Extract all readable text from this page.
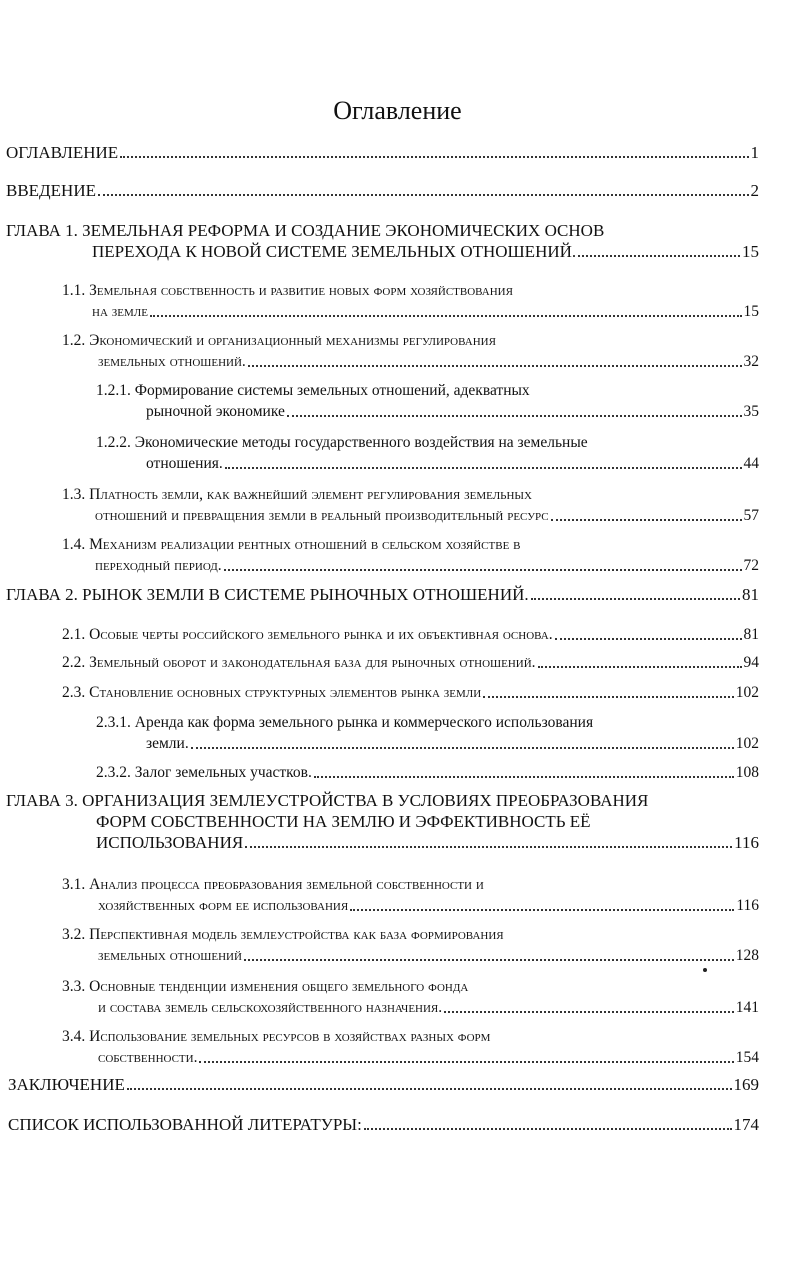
Оглавление
ОГЛАВЛЕНИЕ	1
ВВЕДЕНИЕ	2
ГЛАВА 1. ЗЕМЕЛЬНАЯ РЕФОРМА И СОЗДАНИЕ ЭКОНОМИЧЕСКИХ ОСНОВ
ПЕРЕХОДА К НОВОЙ СИСТЕМЕ ЗЕМЕЛЬНЫХ ОТНОШЕНИЙ.	15
1.1. Земельная собственность и развитие новых форм хозяйствования
на земле	15
1.2. Экономический и организационный механизмы регулирования
земельных отношений.	32
1.2.1. Формирование системы земельных отношений, адекватных
рыночной экономике	35
1.2.2. Экономические методы государственного воздействия на земельные
отношения.	44
1.3. Платность земли, как важнейший элемент регулирования земельных
отношений и превращения земли в реальный производительный ресурс	57
1.4. Механизм реализации рентных отношений в сельском хозяйстве в
переходный период.	72
ГЛАВА 2. РЫНОК ЗЕМЛИ В СИСТЕМЕ РЫНОЧНЫХ ОТНОШЕНИЙ.	81
2.1. Особые черты российского земельного рынка и их объективная основа.	81
2.2. Земельный оборот и законодательная база для рыночных отношений.	94
2.3. Становление основных структурных элементов рынка земли	102
2.3.1. Аренда как форма земельного рынка и коммерческого использования
земли.	102
2.3.2. Залог земельных участков.	108
ГЛАВА 3. ОРГАНИЗАЦИЯ ЗЕМЛЕУСТРОЙСТВА В УСЛОВИЯХ ПРЕОБРАЗОВАНИЯ
ФОРМ СОБСТВЕННОСТИ НА ЗЕМЛЮ И ЭФФЕКТИВНОСТЬ ЕЁ
ИСПОЛЬЗОВАНИЯ	116
3.1. Анализ процесса преобразования земельной собственности и
хозяйственных форм ее использования	116
3.2. Перспективная модель землеустройства как база формирования
земельных отношений	128
3.3. Основные тенденции изменения общего земельного фонда
и состава земель сельскохозяйственного назначения.	141
3.4. Использование земельных ресурсов в хозяйствах разных форм
собственности.	154
ЗАКЛЮЧЕНИЕ	169
СПИСОК ИСПОЛЬЗОВАННОЙ ЛИТЕРАТУРЫ:	174
